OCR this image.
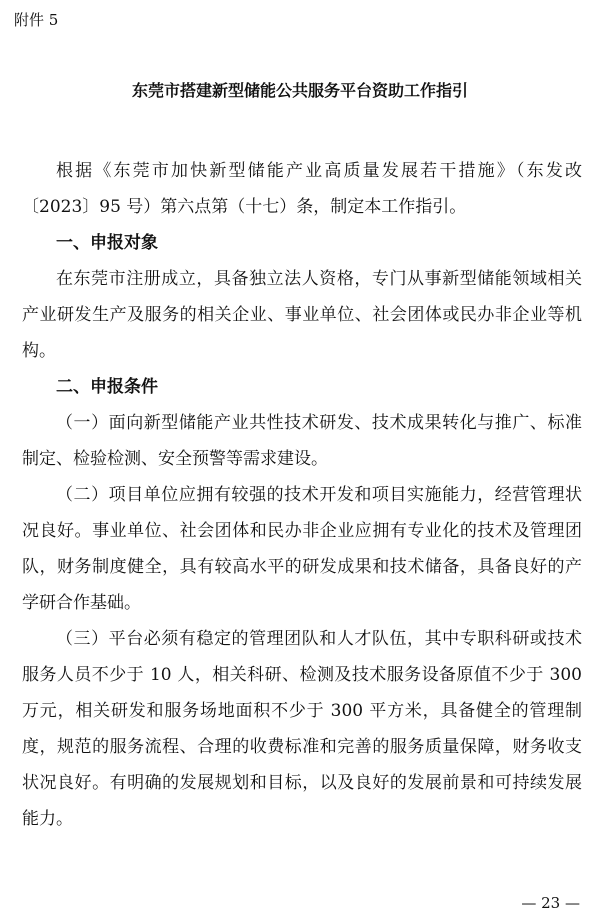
附件 5
东莞市搭建新型储能公共服务平台资助工作指引

根据《东莞市加快新型储能产业高质量发展若干措施》（东发改〔2023〕95 号）第六点第（十七）条，制定本工作指引。

一、申报对象

在东莞市注册成立，具备独立法人资格，专门从事新型储能领域相关产业研发生产及服务的相关企业、事业单位、社会团体或民办非企业等机构。

二、申报条件

（一）面向新型储能产业共性技术研发、技术成果转化与推广、标准制定、检验检测、安全预警等需求建设。

（二）项目单位应拥有较强的技术开发和项目实施能力，经营管理状况良好。事业单位、社会团体和民办非企业应拥有专业化的技术及管理团队，财务制度健全，具有较高水平的研发成果和技术储备，具备良好的产学研合作基础。

（三）平台必须有稳定的管理团队和人才队伍，其中专职科研或技术服务人员不少于 10 人，相关科研、检测及技术服务设备原值不少于 300 万元，相关研发和服务场地面积不少于 300 平方米，具备健全的管理制度，规范的服务流程、合理的收费标准和完善的服务质量保障，财务收支状况良好。有明确的发展规划和目标，以及良好的发展前景和可持续发展能力。

— 23 —
